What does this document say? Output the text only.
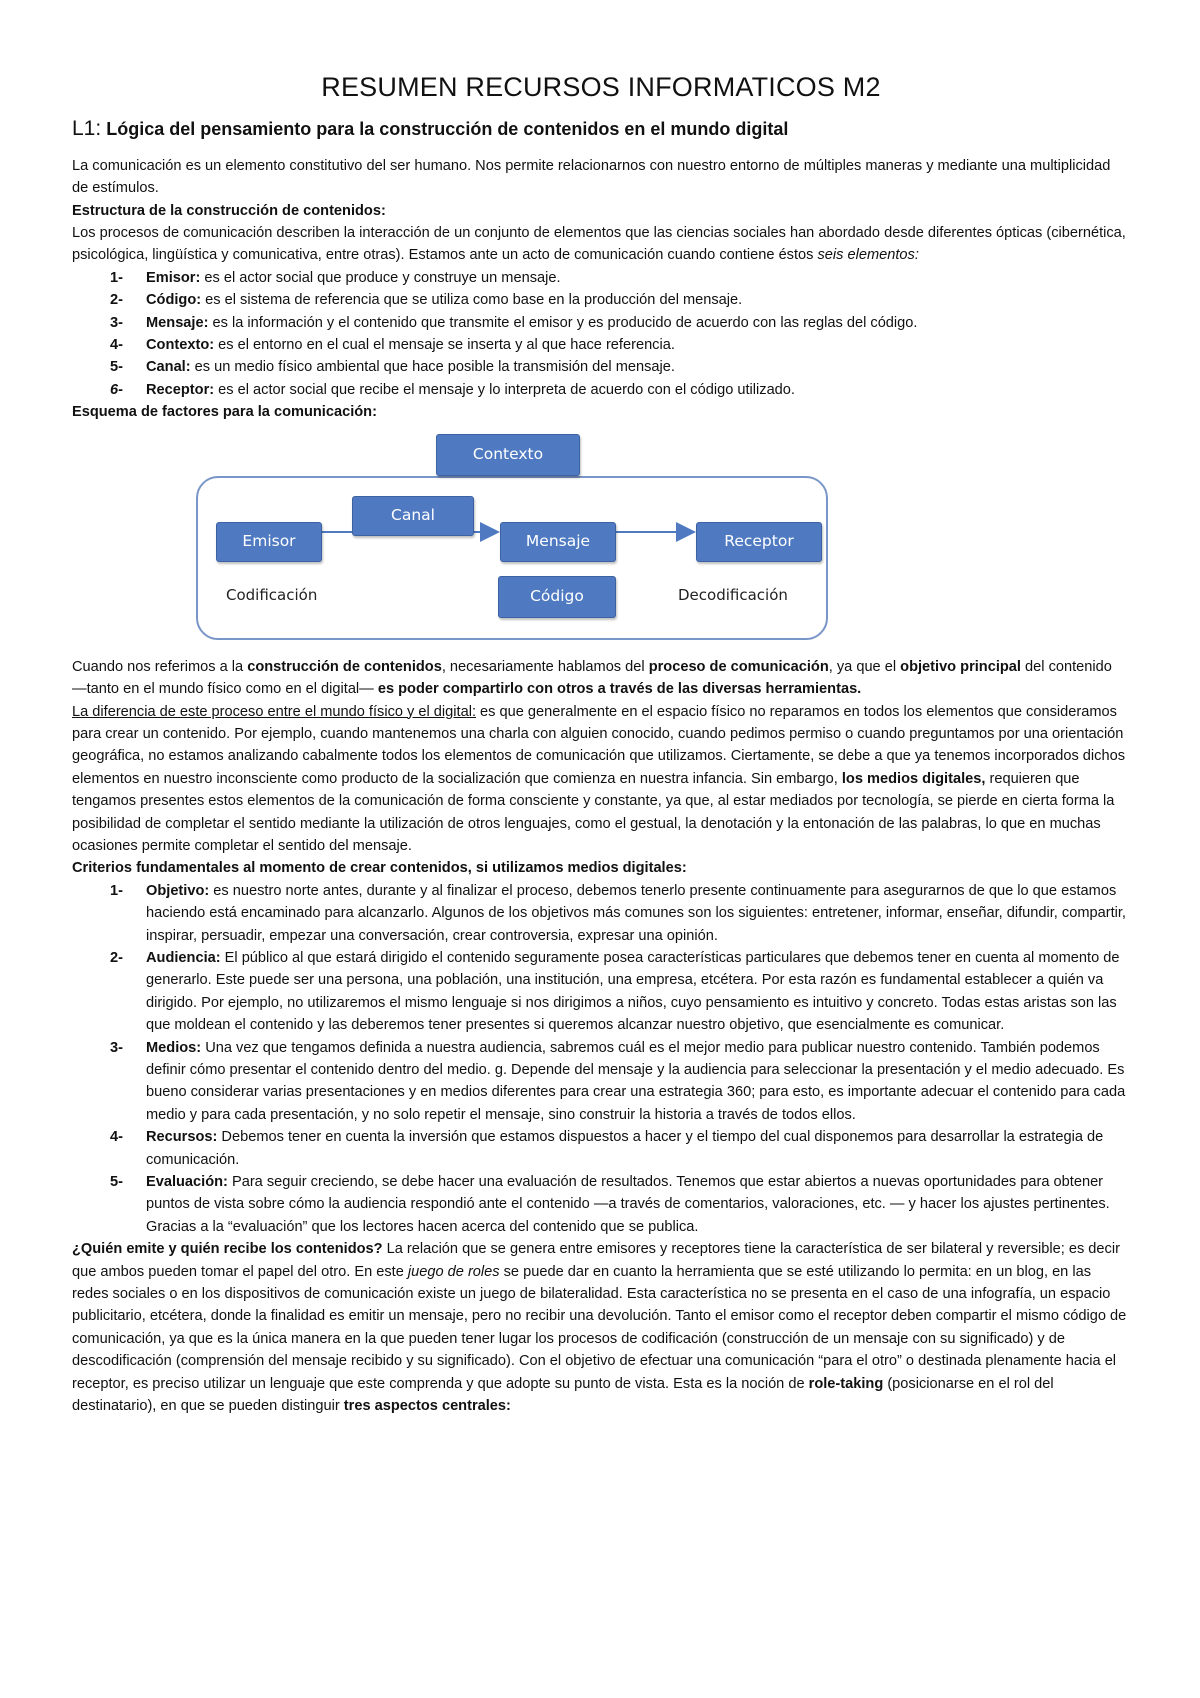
RESUMEN RECURSOS INFORMATICOS M2
L1: Lógica del pensamiento para la construcción de contenidos en el mundo digital

La comunicación es un elemento constitutivo del ser humano. Nos permite relacionarnos con nuestro entorno de múltiples maneras y mediante una multiplicidad de estímulos.

Estructura de la construcción de contenidos:

Los procesos de comunicación describen la interacción de un conjunto de elementos que las ciencias sociales han abordado desde diferentes ópticas (cibernética, psicológica, lingüística y comunicativa, entre otras). Estamos ante un acto de comunicación cuando contiene éstos seis elementos:

1- Emisor: es el actor social que produce y construye un mensaje.
2- Código: es el sistema de referencia que se utiliza como base en la producción del mensaje.
3- Mensaje: es la información y el contenido que transmite el emisor y es producido de acuerdo con las reglas del código.
4- Contexto: es el entorno en el cual el mensaje se inserta y al que hace referencia.
5- Canal: es un medio físico ambiental que hace posible la transmisión del mensaje.
6- Receptor: es el actor social que recibe el mensaje y lo interpreta de acuerdo con el código utilizado.

Esquema de factores para la comunicación:

Contexto
Canal
Emisor	Mensaje	Receptor
Código
Codificación	Decodificación

Cuando nos referimos a la construcción de contenidos, necesariamente hablamos del proceso de comunicación, ya que el objetivo principal del contenido —tanto en el mundo físico como en el digital— es poder compartirlo con otros a través de las diversas herramientas.

La diferencia de este proceso entre el mundo físico y el digital: es que generalmente en el espacio físico no reparamos en todos los elementos que consideramos para crear un contenido. Por ejemplo, cuando mantenemos una charla con alguien conocido, cuando pedimos permiso o cuando preguntamos por una orientación geográfica, no estamos analizando cabalmente todos los elementos de comunicación que utilizamos. Ciertamente, se debe a que ya tenemos incorporados dichos elementos en nuestro inconsciente como producto de la socialización que comienza en nuestra infancia. Sin embargo, los medios digitales, requieren que tengamos presentes estos elementos de la comunicación de forma consciente y constante, ya que, al estar mediados por tecnología, se pierde en cierta forma la posibilidad de completar el sentido mediante la utilización de otros lenguajes, como el gestual, la denotación y la entonación de las palabras, lo que en muchas ocasiones permite completar el sentido del mensaje.

Criterios fundamentales al momento de crear contenidos, si utilizamos medios digitales:

1- Objetivo: es nuestro norte antes, durante y al finalizar el proceso, debemos tenerlo presente continuamente para asegurarnos de que lo que estamos haciendo está encaminado para alcanzarlo. Algunos de los objetivos más comunes son los siguientes: entretener, informar, enseñar, difundir, compartir, inspirar, persuadir, empezar una conversación, crear controversia, expresar una opinión.
2- Audiencia: El público al que estará dirigido el contenido seguramente posea características particulares que debemos tener en cuenta al momento de generarlo. Este puede ser una persona, una población, una institución, una empresa, etcétera. Por esta razón es fundamental establecer a quién va dirigido. Por ejemplo, no utilizaremos el mismo lenguaje si nos dirigimos a niños, cuyo pensamiento es intuitivo y concreto. Todas estas aristas son las que moldean el contenido y las deberemos tener presentes si queremos alcanzar nuestro objetivo, que esencialmente es comunicar.
3- Medios: Una vez que tengamos definida a nuestra audiencia, sabremos cuál es el mejor medio para publicar nuestro contenido. También podemos definir cómo presentar el contenido dentro del medio. g. Depende del mensaje y la audiencia para seleccionar la presentación y el medio adecuado. Es bueno considerar varias presentaciones y en medios diferentes para crear una estrategia 360; para esto, es importante adecuar el contenido para cada medio y para cada presentación, y no solo repetir el mensaje, sino construir la historia a través de todos ellos.
4- Recursos: Debemos tener en cuenta la inversión que estamos dispuestos a hacer y el tiempo del cual disponemos para desarrollar la estrategia de comunicación.
5- Evaluación: Para seguir creciendo, se debe hacer una evaluación de resultados. Tenemos que estar abiertos a nuevas oportunidades para obtener puntos de vista sobre cómo la audiencia respondió ante el contenido —a través de comentarios, valoraciones, etc. — y hacer los ajustes pertinentes. Gracias a la “evaluación” que los lectores hacen acerca del contenido que se publica.

¿Quién emite y quién recibe los contenidos? La relación que se genera entre emisores y receptores tiene la característica de ser bilateral y reversible; es decir que ambos pueden tomar el papel del otro. En este juego de roles se puede dar en cuanto la herramienta que se esté utilizando lo permita: en un blog, en las redes sociales o en los dispositivos de comunicación existe un juego de bilateralidad. Esta característica no se presenta en el caso de una infografía, un espacio publicitario, etcétera, donde la finalidad es emitir un mensaje, pero no recibir una devolución. Tanto el emisor como el receptor deben compartir el mismo código de comunicación, ya que es la única manera en la que pueden tener lugar los procesos de codificación (construcción de un mensaje con su significado) y de descodificación (comprensión del mensaje recibido y su significado). Con el objetivo de efectuar una comunicación “para el otro” o destinada plenamente hacia el receptor, es preciso utilizar un lenguaje que este comprenda y que adopte su punto de vista. Esta es la noción de role-taking (posicionarse en el rol del destinatario), en que se pueden distinguir tres aspectos centrales:
